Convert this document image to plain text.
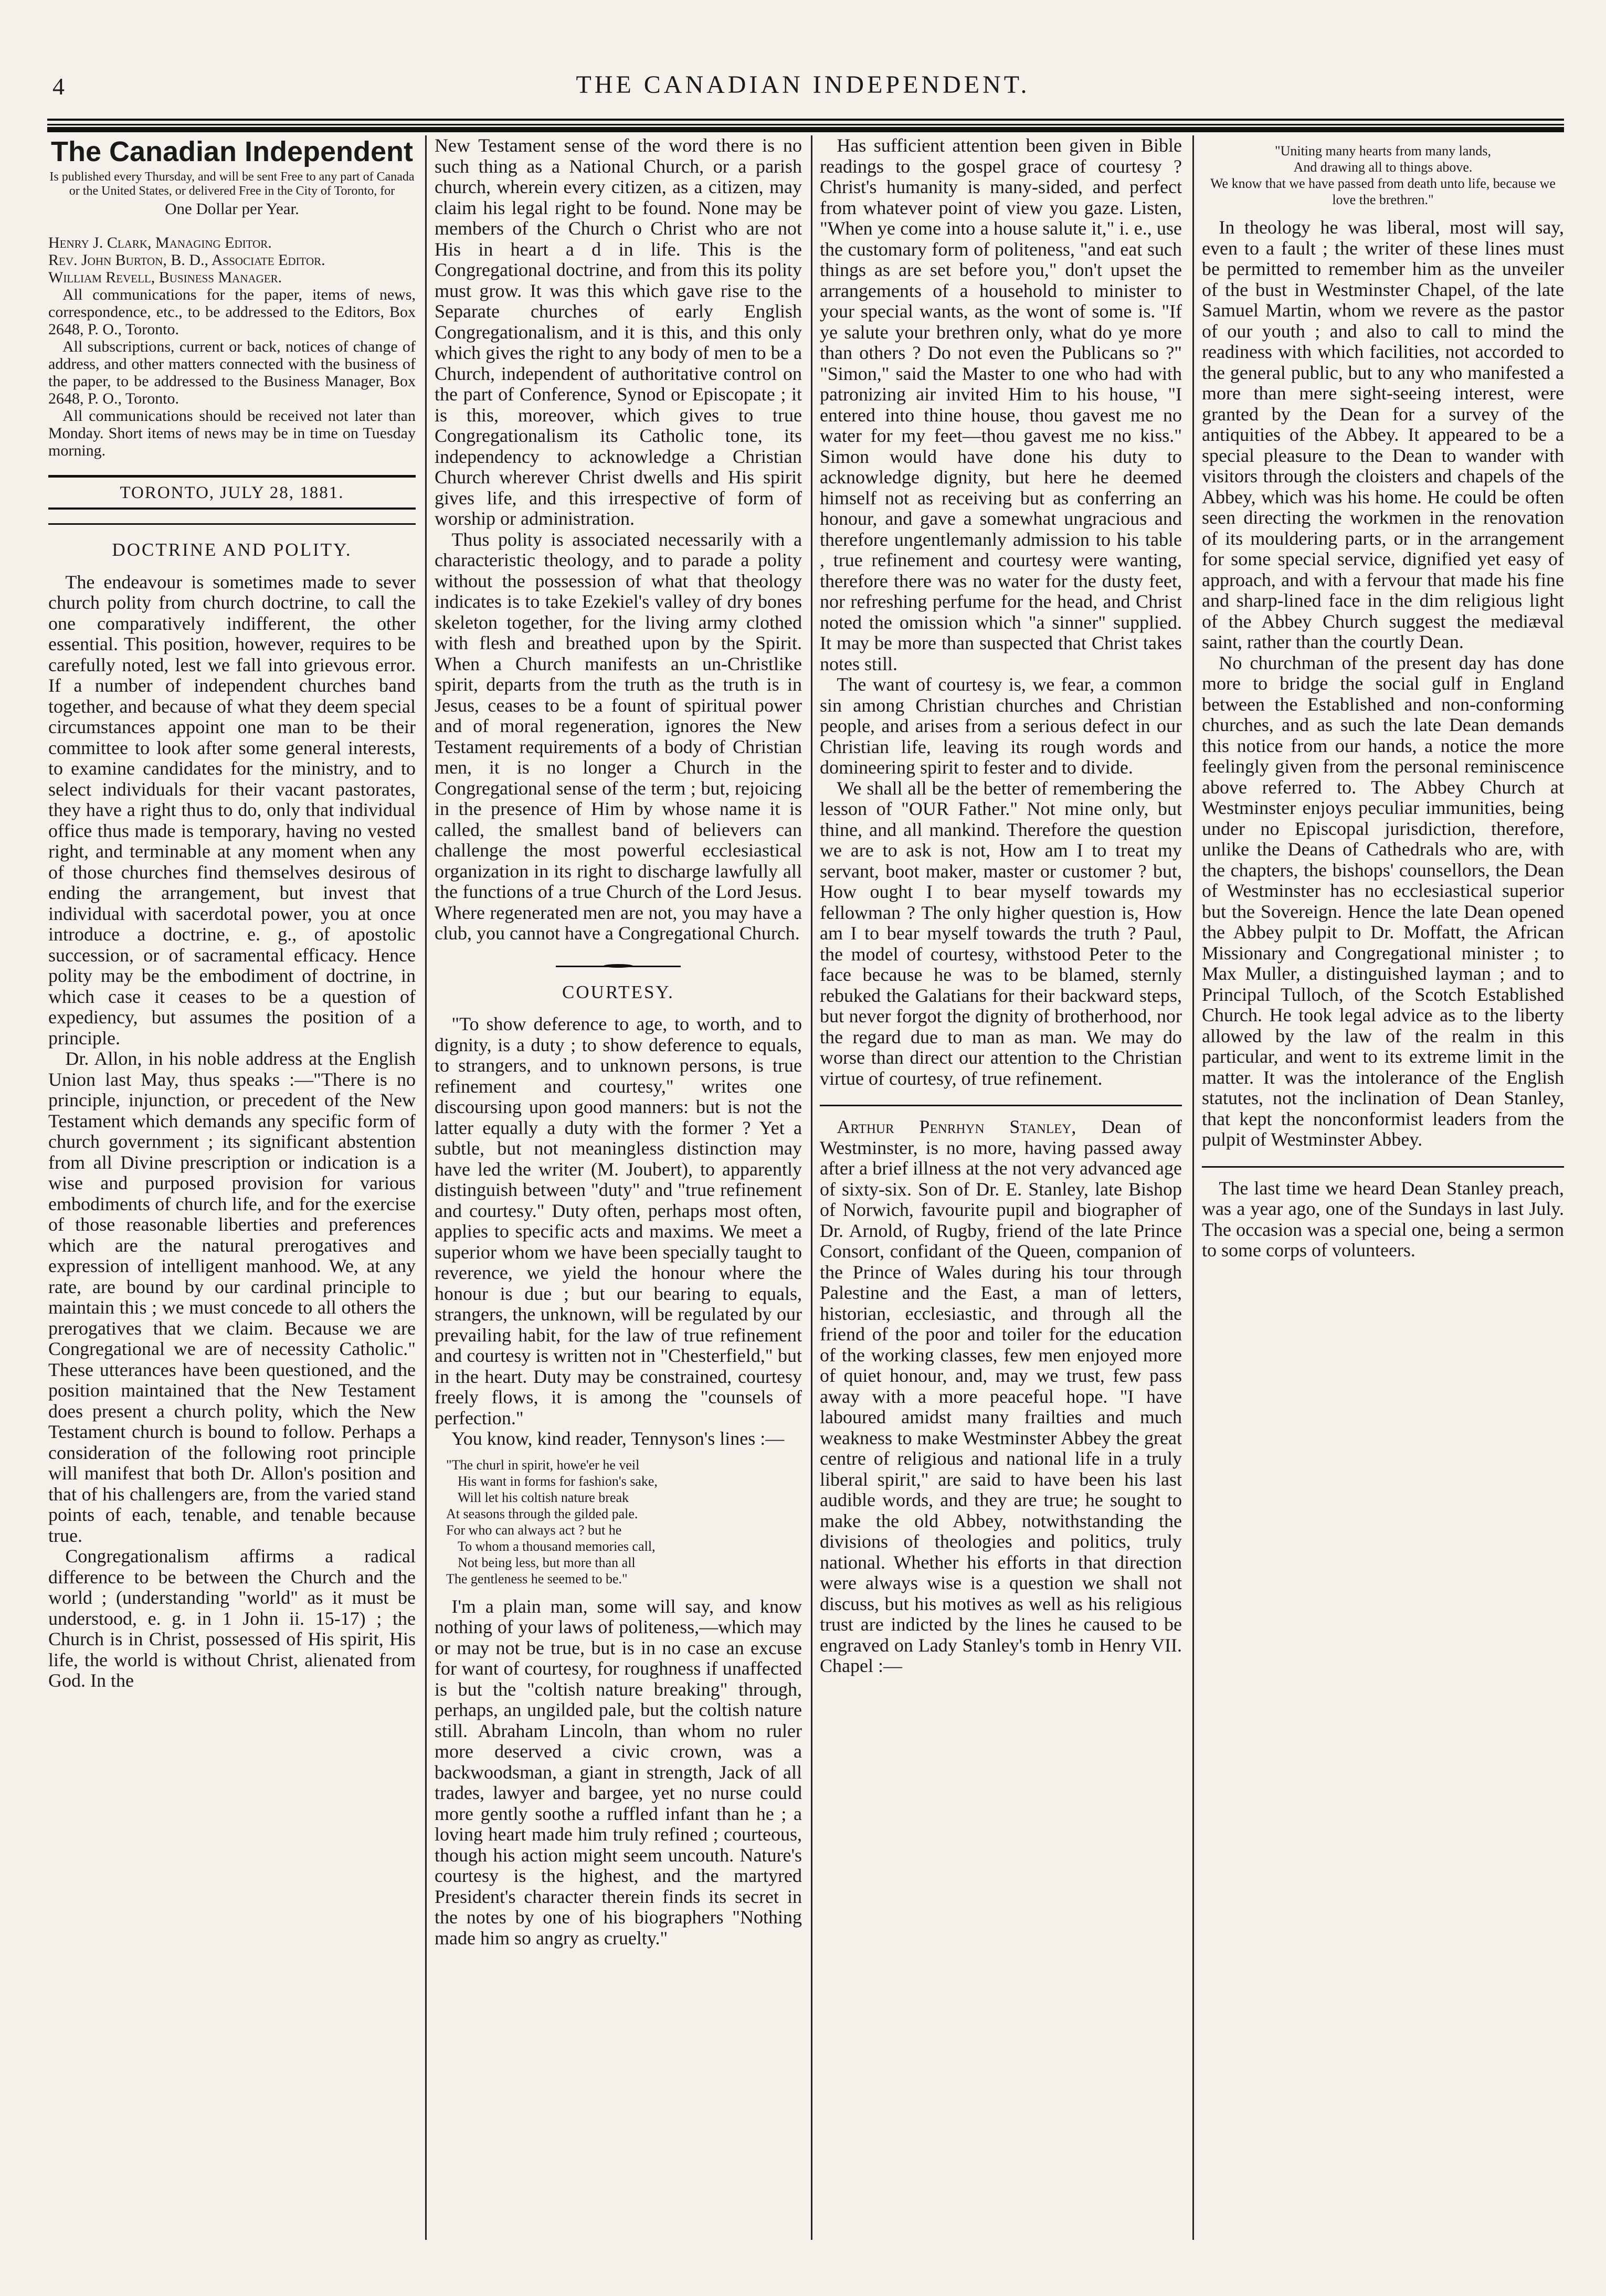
4	THE CANADIAN INDEPENDENT.
The Canadian Independent

Is published every Thursday, and will be sent Free to any part of Canada or the United States, or delivered Free in the City of Toronto, for

One Dollar per Year.

Henry J. Clark, Managing Editor.

Rev. John Burton, B. D., Associate Editor.

William Revell, Business Manager.

All communications for the paper, items of news, correspondence, etc., to be addressed to the Editors, Box 2648, P. O., Toronto.

All subscriptions, current or back, notices of change of address, and other matters connected with the business of the paper, to be addressed to the Business Manager, Box 2648, P. O., Toronto.

All communications should be received not later than Monday. Short items of news may be in time on Tuesday morning.

TORONTO, JULY 28, 1881.
DOCTRINE AND POLITY.

The endeavour is sometimes made to sever church polity from church doctrine, to call the one comparatively indifferent, the other essential. This position, however, requires to be carefully noted, lest we fall into grievous error. If a number of independent churches band together, and because of what they deem special circumstances appoint one man to be their committee to look after some general interests, to examine candidates for the ministry, and to select individuals for their vacant pastorates, they have a right thus to do, only that individual office thus made is temporary, having no vested right, and terminable at any moment when any of those churches find themselves desirous of ending the arrangement, but invest that individual with sacerdotal power, you at once introduce a doctrine, e. g., of apostolic succession, or of sacramental efficacy. Hence polity may be the embodiment of doctrine, in which case it ceases to be a question of expediency, but assumes the position of a principle.

Dr. Allon, in his noble address at the English Union last May, thus speaks :—"There is no principle, injunction, or precedent of the New Testament which demands any specific form of church government ; its significant abstention from all Divine prescription or indication is a wise and purposed provision for various embodiments of church life, and for the exercise of those reasonable liberties and preferences which are the natural prerogatives and expression of intelligent manhood. We, at any rate, are bound by our cardinal principle to maintain this ; we must concede to all others the prerogatives that we claim. Because we are Congregational we are of necessity Catholic." These utterances have been questioned, and the position maintained that the New Testament does present a church polity, which the New Testament church is bound to follow. Perhaps a consideration of the following root principle will manifest that both Dr. Allon's position and that of his challengers are, from the varied stand points of each, tenable, and tenable because true.

Congregationalism affirms a radical difference to be between the Church and the world ; (understanding "world" as it must be understood, e. g. in 1 John ii. 15-17) ; the Church is in Christ, possessed of His spirit, His life, the world is without Christ, alienated from God. In the

New Testament sense of the word there is no such thing as a National Church, or a parish church, wherein every citizen, as a citizen, may claim his legal right to be found. None may be members of the Church o Christ who are not His in heart a d in life. This is the Congregational doctrine, and from this its polity must grow. It was this which gave rise to the Separate churches of early English Congregationalism, and it is this, and this only which gives the right to any body of men to be a Church, independent of authoritative control on the part of Conference, Synod or Episcopate ; it is this, moreover, which gives to true Congregationalism its Catholic tone, its independency to acknowledge a Christian Church wherever Christ dwells and His spirit gives life, and this irrespective of form of worship or administration.

Thus polity is associated necessarily with a characteristic theology, and to parade a polity without the possession of what that theology indicates is to take Ezekiel's valley of dry bones skeleton together, for the living army clothed with flesh and breathed upon by the Spirit. When a Church manifests an un-Christlike spirit, departs from the truth as the truth is in Jesus, ceases to be a fount of spiritual power and of moral regeneration, ignores the New Testament requirements of a body of Christian men, it is no longer a Church in the Congregational sense of the term ; but, rejoicing in the presence of Him by whose name it is called, the smallest band of believers can challenge the most powerful ecclesiastical organization in its right to discharge lawfully all the functions of a true Church of the Lord Jesus. Where regenerated men are not, you may have a club, you cannot have a Congregational Church.

COURTESY.

"To show deference to age, to worth, and to dignity, is a duty ; to show deference to equals, to strangers, and to unknown persons, is true refinement and courtesy," writes one discoursing upon good manners: but is not the latter equally a duty with the former ? Yet a subtle, but not meaningless distinction may have led the writer (M. Joubert), to apparently distinguish between "duty" and "true refinement and courtesy." Duty often, perhaps most often, applies to specific acts and maxims. We meet a superior whom we have been specially taught to reverence, we yield the honour where the honour is due ; but our bearing to equals, strangers, the unknown, will be regulated by our prevailing habit, for the law of true refinement and courtesy is written not in "Chesterfield," but in the heart. Duty may be constrained, courtesy freely flows, it is among the "counsels of perfection."

You know, kind reader, Tennyson's lines :—

"The churl in spirit, howe'er he veil
His want in forms for fashion's sake,
Will let his coltish nature break
At seasons through the gilded pale.
For who can always act ? but he
To whom a thousand memories call,
Not being less, but more than all
The gentleness he seemed to be."

I'm a plain man, some will say, and know nothing of your laws of politeness,—which may or may not be true, but is in no case an excuse for want of courtesy, for roughness if unaffected is but the "coltish nature breaking" through, perhaps, an ungilded pale, but the coltish nature still. Abraham Lincoln, than whom no ruler more deserved a civic crown, was a backwoodsman, a giant in strength, Jack of all trades, lawyer and bargee, yet no nurse could more gently soothe a ruffled infant than he ; a loving heart made him truly refined ; courteous, though his action might seem uncouth. Nature's courtesy is the highest, and the martyred President's character therein finds its secret in the notes by one of his biographers "Nothing made him so angry as cruelty."

Has sufficient attention been given in Bible readings to the gospel grace of courtesy ? Christ's humanity is many-sided, and perfect from whatever point of view you gaze. Listen, "When ye come into a house salute it," i. e., use the customary form of politeness, "and eat such things as are set before you," don't upset the arrangements of a household to minister to your special wants, as the wont of some is. "If ye salute your brethren only, what do ye more than others ? Do not even the Publicans so ?" "Simon," said the Master to one who had with patronizing air invited Him to his house, "I entered into thine house, thou gavest me no water for my feet—thou gavest me no kiss." Simon would have done his duty to acknowledge dignity, but here he deemed himself not as receiving but as conferring an honour, and gave a somewhat ungracious and therefore ungentlemanly admission to his table , true refinement and courtesy were wanting, therefore there was no water for the dusty feet, nor refreshing perfume for the head, and Christ noted the omission which "a sinner" supplied. It may be more than suspected that Christ takes notes still.

The want of courtesy is, we fear, a common sin among Christian churches and Christian people, and arises from a serious defect in our Christian life, leaving its rough words and domineering spirit to fester and to divide.

We shall all be the better of remembering the lesson of "OUR Father." Not mine only, but thine, and all mankind. Therefore the question we are to ask is not, How am I to treat my servant, boot maker, master or customer ? but, How ought I to bear myself towards my fellowman ? The only higher question is, How am I to bear myself towards the truth ? Paul, the model of courtesy, withstood Peter to the face because he was to be blamed, sternly rebuked the Galatians for their backward steps, but never forgot the dignity of brotherhood, nor the regard due to man as man. We may do worse than direct our attention to the Christian virtue of courtesy, of true refinement.

Arthur Penrhyn Stanley, Dean of Westminster, is no more, having passed away after a brief illness at the not very advanced age of sixty-six. Son of Dr. E. Stanley, late Bishop of Norwich, favourite pupil and biographer of Dr. Arnold, of Rugby, friend of the late Prince Consort, confidant of the Queen, companion of the Prince of Wales during his tour through Palestine and the East, a man of letters, historian, ecclesiastic, and through all the friend of the poor and toiler for the education of the working classes, few men enjoyed more of quiet honour, and, may we trust, few pass away with a more peaceful hope. "I have laboured amidst many frailties and much weakness to make Westminster Abbey the great centre of religious and national life in a truly liberal spirit," are said to have been his last audible words, and they are true; he sought to make the old Abbey, notwithstanding the divisions of theologies and politics, truly national. Whether his efforts in that direction were always wise is a question we shall not discuss, but his motives as well as his religious trust are indicted by the lines he caused to be engraved on Lady Stanley's tomb in Henry VII. Chapel :—

"Uniting many hearts from many lands,
And drawing all to things above.
We know that we have passed from death unto life, because we love the brethren."

In theology he was liberal, most will say, even to a fault ; the writer of these lines must be permitted to remember him as the unveiler of the bust in Westminster Chapel, of the late Samuel Martin, whom we revere as the pastor of our youth ; and also to call to mind the readiness with which facilities, not accorded to the general public, but to any who manifested a more than mere sight-seeing interest, were granted by the Dean for a survey of the antiquities of the Abbey. It appeared to be a special pleasure to the Dean to wander with visitors through the cloisters and chapels of the Abbey, which was his home. He could be often seen directing the workmen in the renovation of its mouldering parts, or in the arrangement for some special service, dignified yet easy of approach, and with a fervour that made his fine and sharp-lined face in the dim religious light of the Abbey Church suggest the mediæval saint, rather than the courtly Dean.

No churchman of the present day has done more to bridge the social gulf in England between the Established and non-conforming churches, and as such the late Dean demands this notice from our hands, a notice the more feelingly given from the personal reminiscence above referred to. The Abbey Church at Westminster enjoys peculiar immunities, being under no Episcopal jurisdiction, therefore, unlike the Deans of Cathedrals who are, with the chapters, the bishops' counsellors, the Dean of Westminster has no ecclesiastical superior but the Sovereign. Hence the late Dean opened the Abbey pulpit to Dr. Moffatt, the African Missionary and Congregational minister ; to Max Muller, a distinguished layman ; and to Principal Tulloch, of the Scotch Established Church. He took legal advice as to the liberty allowed by the law of the realm in this particular, and went to its extreme limit in the matter. It was the intolerance of the English statutes, not the inclination of Dean Stanley, that kept the nonconformist leaders from the pulpit of Westminster Abbey.

The last time we heard Dean Stanley preach, was a year ago, one of the Sundays in last July. The occasion was a special one, being a sermon to some corps of volunteers.
